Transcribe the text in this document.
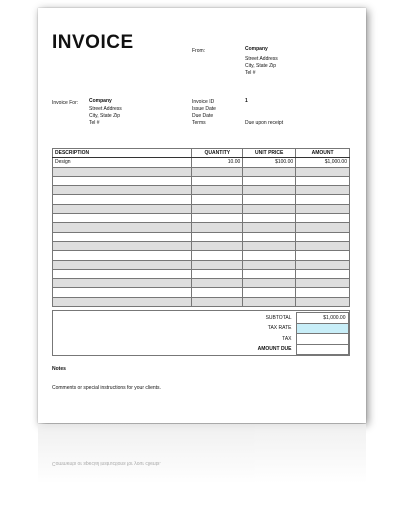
INVOICE	From:	Company
Street Address
City, State Zip
Tel #
Invoice For: Company
Street Address
City, State Zip
Tel #
Invoice ID	1
Issue Date
Due Date
Terms	Due upon receipt
DESCRIPTION	QUANTITY	UNIT PRICE	AMOUNT
Design	10.00	$100.00	$1,000.00

SUBTOTAL	$1,000.00
TAX RATE	
TAX	
AMOUNT DUE	
Notes
Comments or special instructions for your clients.
Comments or special instructions for your clients.
